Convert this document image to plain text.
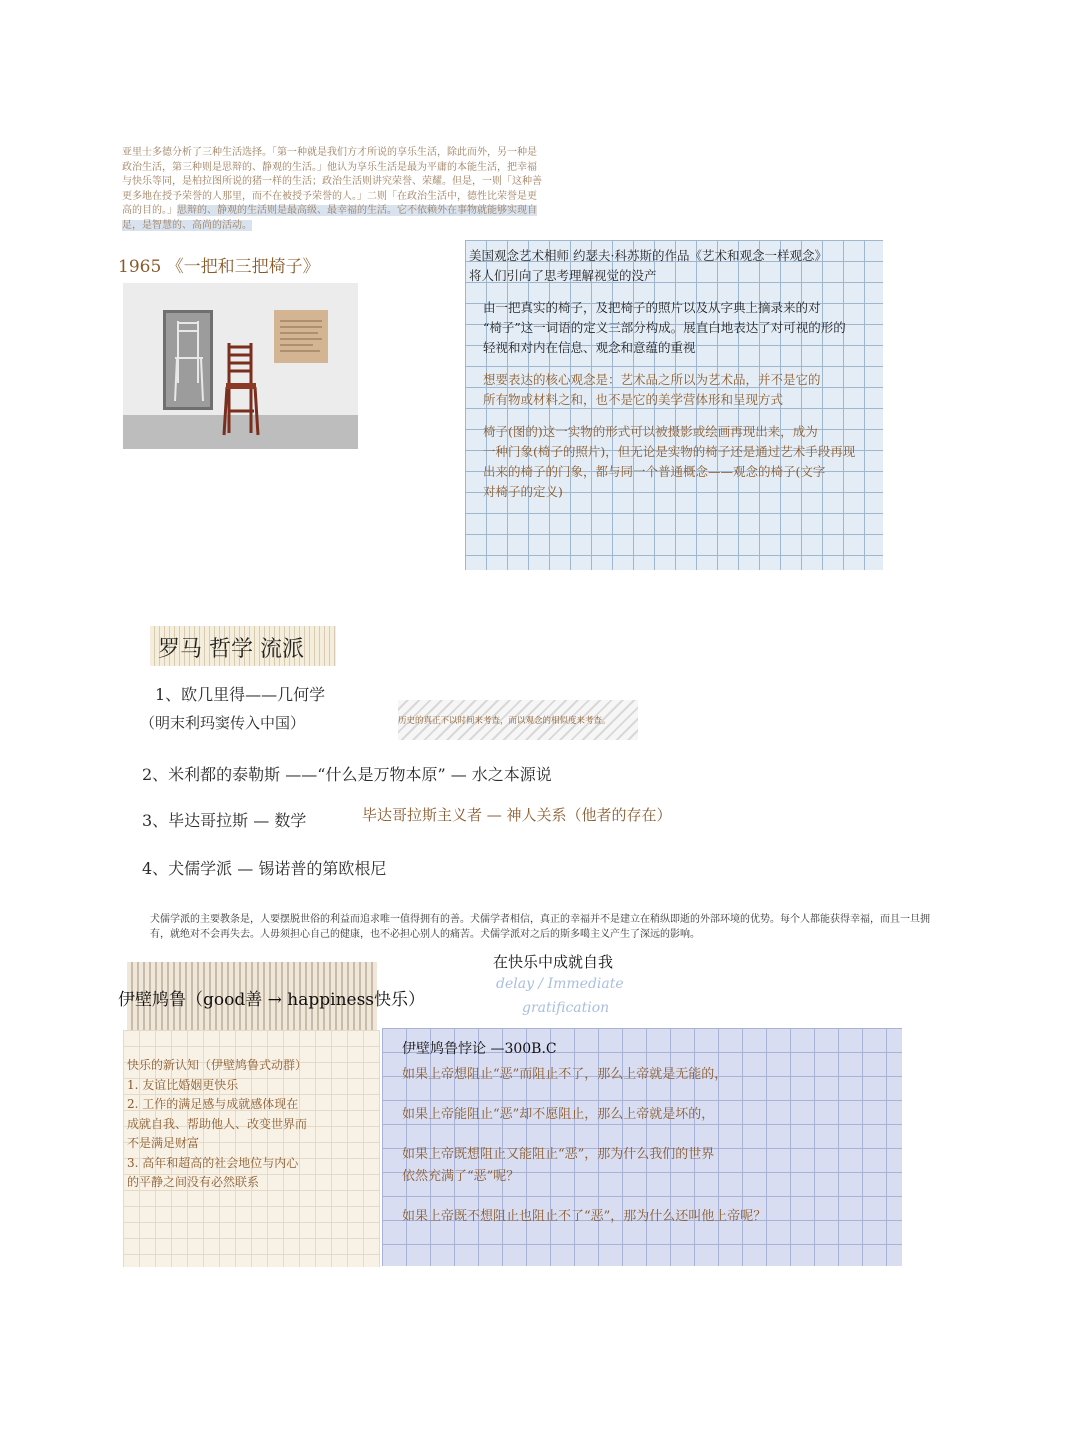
亚里士多德分析了三种生活选择。「第一种就是我们方才所说的享乐生活，除此而外，另一种是

政治生活，第三种则是思辩的、静观的生活。」他认为享乐生活是最为平庸的本能生活，把幸福

与快乐等同，是柏拉图所说的猪一样的生活；政治生活则讲究荣誉、荣耀。但是，一则「这种善

更多地在授予荣誉的人那里，而不在被授予荣誉的人。」二则「在政治生活中，德性比荣誉是更

高的目的。」思辩的、静观的生活则是最高级、最幸福的生活。它不依赖外在事物就能够实现自

足，是智慧的、高尚的活动。

1965 《一把和三把椅子》
美国观念艺术相师 约瑟夫·科苏斯的作品《艺术和观念一样观念》
将人们引向了思考理解视觉的没产
由一把真实的椅子，及把椅子的照片以及从字典上摘录来的对
“椅子”这一词语的定义三部分构成。展直白地表达了对可视的形的
轻视和对内在信息、观念和意蕴的重视
想要表达的核心观念是：艺术品之所以为艺术品，并不是它的
所有物或材料之和，也不是它的美学营体形和呈现方式
椅子(图的)这一实物的形式可以被摄影或绘画再现出来，成为
一种门象(椅子的照片)，但无论是实物的椅子还是通过艺术手段再现
出来的椅子的门象，都与同一个普通概念——观念的椅子(文字
对椅子的定义)
罗马 哲学 流派
1、欧几里得——几何学
（明末利玛窦传入中国）	历史的真正不以时间来考查，而以观念的相似度来考查。
2、米利都的泰勒斯 ——“什么是万物本原” — 水之本源说
3、毕达哥拉斯 — 数学	毕达哥拉斯主义者 — 神人关系（他者的存在）
4、犬儒学派 — 锡诺普的第欧根尼
犬儒学派的主要教条是，人要摆脱世俗的利益而追求唯一值得拥有的善。犬儒学者相信，真正的幸福并不是建立在稍纵即逝的外部环境的优势。每个人都能获得幸福，而且一旦拥有，就绝对不会再失去。人毋须担心自己的健康，也不必担心别人的痛苦。犬儒学派对之后的斯多噶主义产生了深远的影响。
伊壁鸠鲁（good善 → happiness快乐）
在快乐中成就自我
delay / Immediate
gratification
快乐的新认知（伊壁鸠鲁式动群）
1. 友谊比婚姻更快乐
2. 工作的满足感与成就感体现在
成就自我、帮助他人、改变世界而
不是满足财富
3. 高年和超高的社会地位与内心
的平静之间没有必然联系
伊壁鸠鲁悖论 —300B.C
如果上帝想阻止“恶”而阻止不了，那么上帝就是无能的，
如果上帝能阻止“恶”却不愿阻止，那么上帝就是坏的，
如果上帝既想阻止又能阻止“恶”，那为什么我们的世界
依然充满了“恶”呢？
如果上帝既不想阻止也阻止不了“恶”，那为什么还叫他上帝呢？
